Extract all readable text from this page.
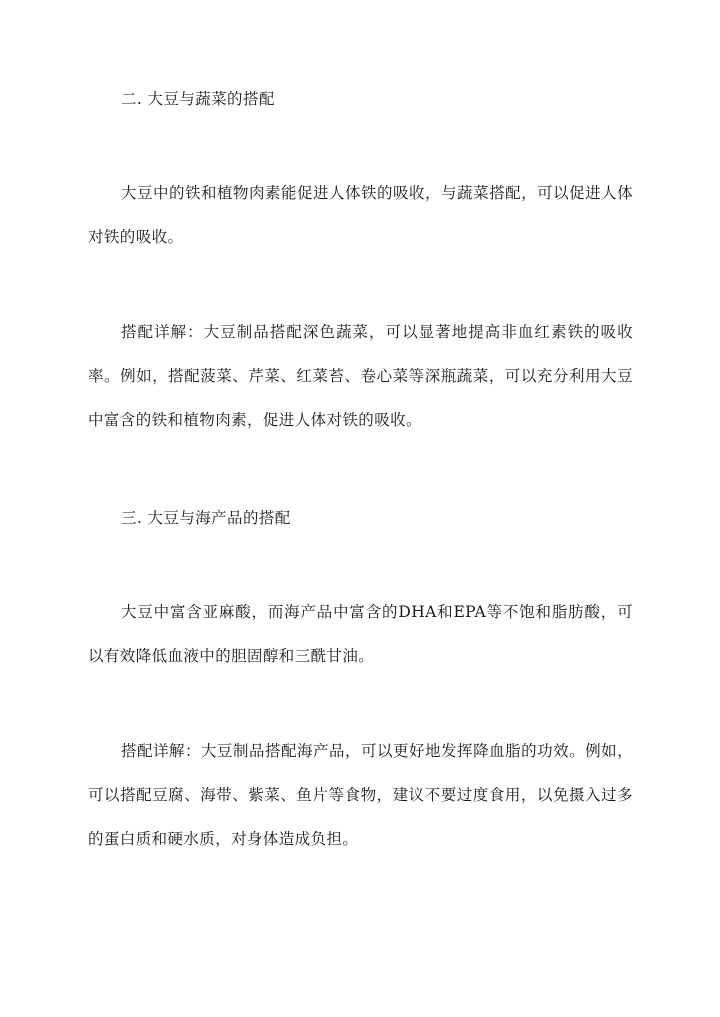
二. 大豆与蔬菜的搭配

大豆中的铁和植物肉素能促进人体铁的吸收，与蔬菜搭配，可以促进人体对铁的吸收。

搭配详解：大豆制品搭配深色蔬菜，可以显著地提高非血红素铁的吸收率。例如，搭配菠菜、芹菜、红菜苔、卷心菜等深瓶蔬菜，可以充分利用大豆中富含的铁和植物肉素，促进人体对铁的吸收。

三. 大豆与海产品的搭配

大豆中富含亚麻酸，而海产品中富含的DHA和EPA等不饱和脂肪酸，可以有效降低血液中的胆固醇和三酰甘油。

搭配详解：大豆制品搭配海产品，可以更好地发挥降血脂的功效。例如，可以搭配豆腐、海带、紫菜、鱼片等食物，建议不要过度食用，以免摄入过多的蛋白质和硬水质，对身体造成负担。
